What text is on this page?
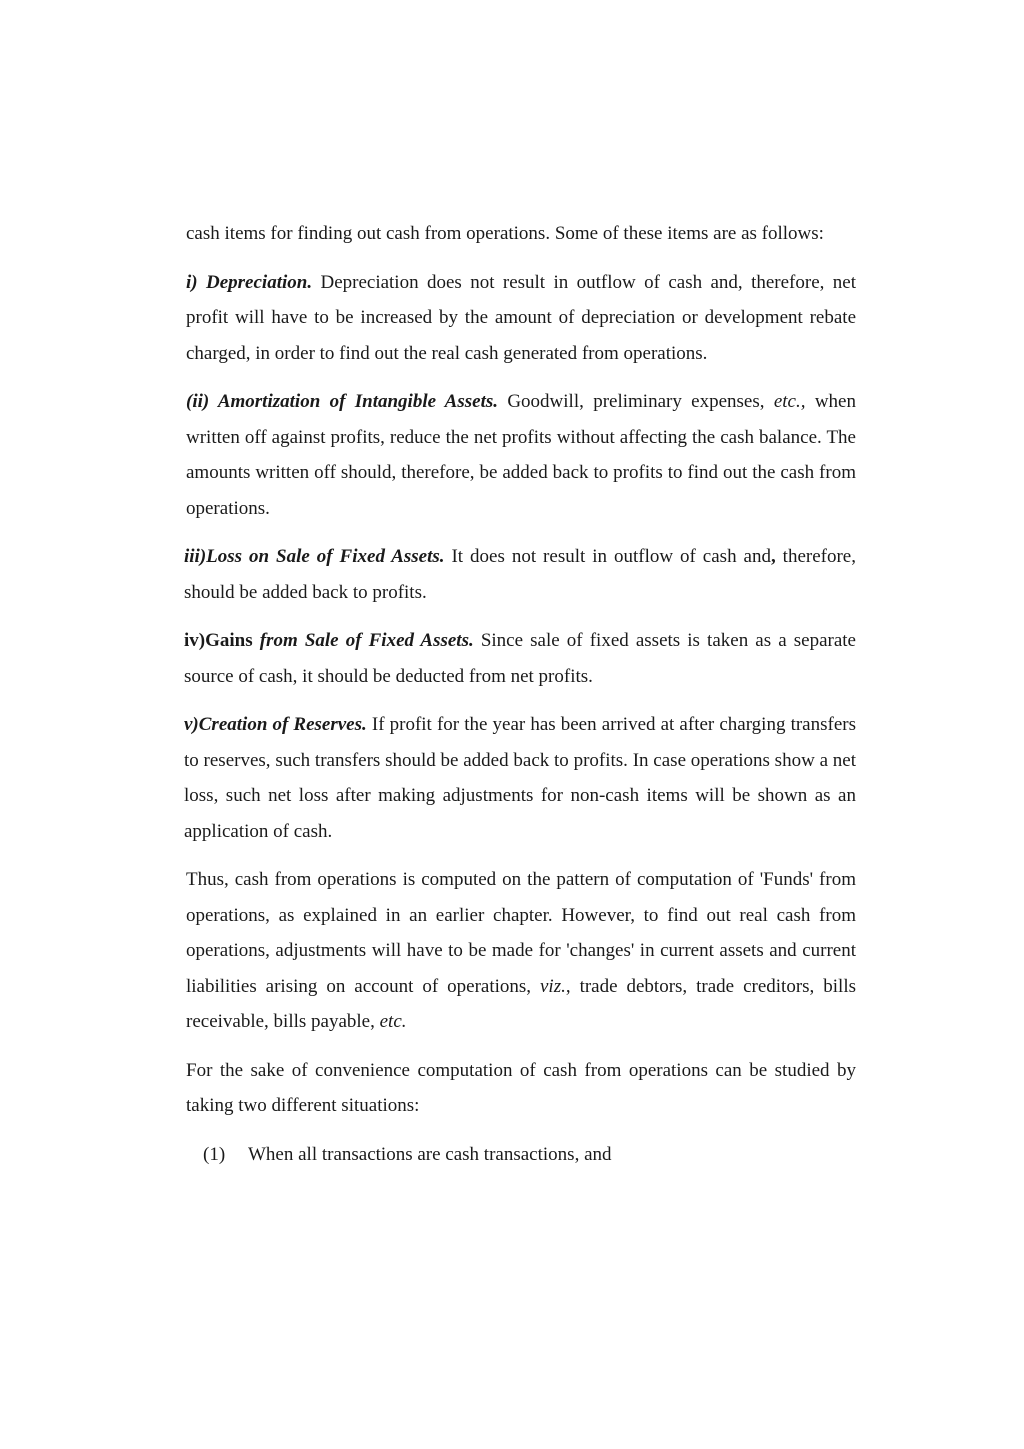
cash items for finding out cash from operations. Some of these items are as follows:

i) Depreciation. Depreciation does not result in outflow of cash and, therefore, net profit will have to be increased by the amount of depreciation or development rebate charged, in order to find out the real cash generated from operations.

(ii) Amortization of Intangible Assets. Goodwill, preliminary expenses, etc., when written off against profits, reduce the net profits without affecting the cash balance. The amounts written off should, therefore, be added back to profits to find out the cash from operations.

iii)Loss on Sale of Fixed Assets. It does not result in outflow of cash and, therefore, should be added back to profits.

iv)Gains from Sale of Fixed Assets. Since sale of fixed assets is taken as a separate source of cash, it should be deducted from net profits.

v)Creation of Reserves. If profit for the year has been arrived at after charging transfers to reserves, such transfers should be added back to profits. In case operations show a net loss, such net loss after making adjustments for non-cash items will be shown as an application of cash.

Thus, cash from operations is computed on the pattern of computation of 'Funds' from operations, as explained in an earlier chapter. However, to find out real cash from operations, adjustments will have to be made for 'changes' in current assets and current liabilities arising on account of operations, viz., trade debtors, trade creditors, bills receivable, bills payable, etc.

For the sake of convenience computation of cash from operations can be studied by taking two different situations:

(1)	When all transactions are cash transactions, and
